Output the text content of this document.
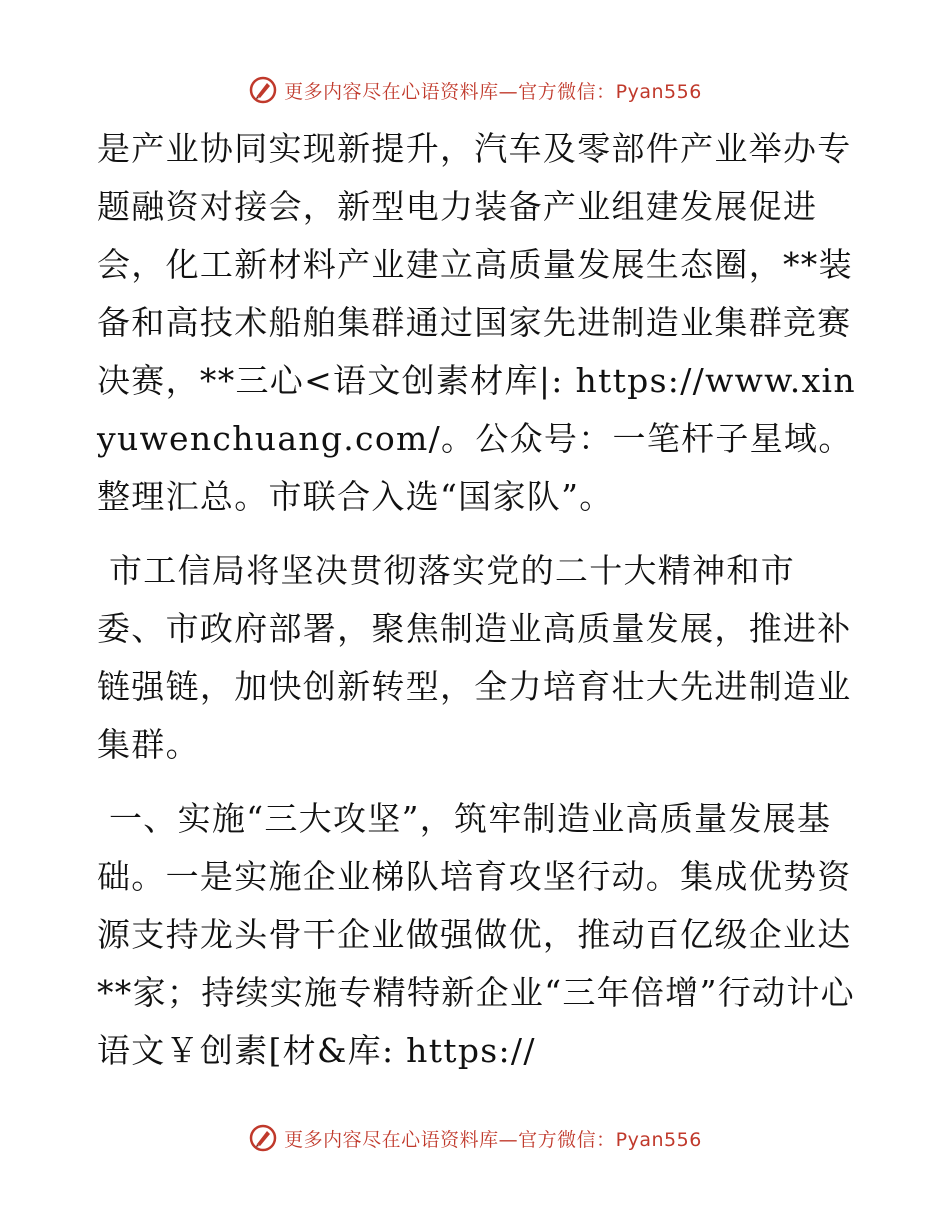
更多内容尽在心语资料库—官方微信：Pyan556

是产业协同实现新提升，汽车及零部件产业举办专题融资对接会，新型电力装备产业组建发展促进会，化工新材料产业建立高质量发展生态圈，**装备和高技术船舶集群通过国家先进制造业集群竞赛决赛，**三心<语文创素材库|: https://www.xinyuwenchuang.com/。公众号：一笔杆子星域。整理汇总。市联合入选“国家队”。

市工信局将坚决贯彻落实党的二十大精神和市委、市政府部署，聚焦制造业高质量发展，推进补链强链，加快创新转型，全力培育壮大先进制造业集群。

一、实施“三大攻坚”，筑牢制造业高质量发展基础。一是实施企业梯队培育攻坚行动。集成优势资源支持龙头骨干企业做强做优，推动百亿级企业达**家；持续实施专精特新企业“三年倍增”行动计心语文￥创素[材&库: https://

更多内容尽在心语资料库—官方微信：Pyan556
